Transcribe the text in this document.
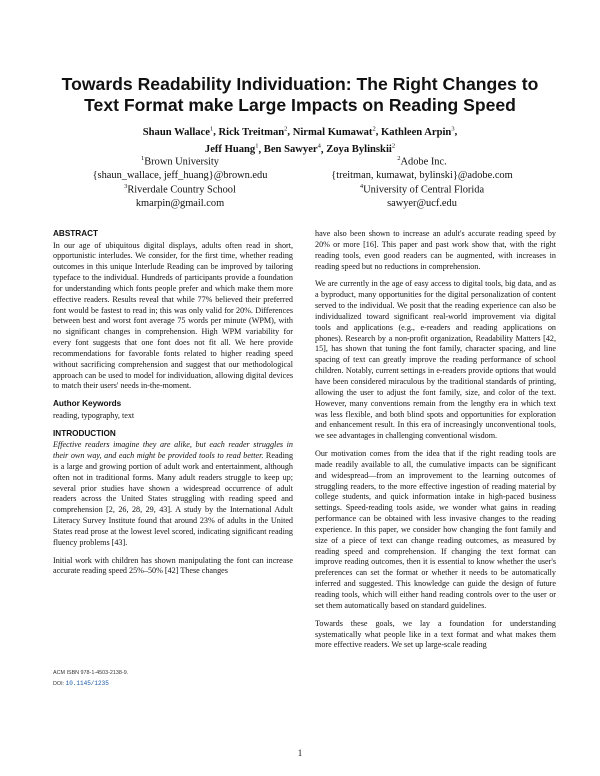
Towards Readability Individuation: The Right Changes to Text Format make Large Impacts on Reading Speed
Shaun Wallace$^1$, Rick Treitman$^2$, Nirmal Kumawat$^2$, Kathleen Arpin$^3$,
Jeff Huang$^1$, Ben Sawyer$^4$, Zoya Bylinskii$^2$
$^1$Brown University
{shaun_wallace, jeff_huang}@brown.edu
$^2$Adobe Inc.
{treitman, kumawat, bylinski}@adobe.com
$^3$Riverdale Country School
kmarpin@gmail.com
$^4$University of Central Florida
sawyer@ucf.edu
ABSTRACT

In our age of ubiquitous digital displays, adults often read in short, opportunistic interludes. We consider, for the first time, whether reading outcomes in this unique Interlude Reading can be improved by tailoring typeface to the individual. Hundreds of participants provide a foundation for understanding which fonts people prefer and which make them more effective readers. Results reveal that while 77% believed their preferred font would be fastest to read in; this was only valid for 20%. Differences between best and worst font average 75 words per minute (WPM), with no significant changes in comprehension. High WPM variability for every font suggests that one font does not fit all. We here provide recommendations for favorable fonts related to higher reading speed without sacrificing comprehension and suggest that our methodological approach can be used to model for individuation, allowing digital devices to match their users' needs in-the-moment.

Author Keywords

reading, typography, text

INTRODUCTION

Effective readers imagine they are alike, but each reader struggles in their own way, and each might be provided tools to read better. Reading is a large and growing portion of adult work and entertainment, although often not in traditional forms. Many adult readers struggle to keep up; several prior studies have shown a widespread occurrence of adult readers across the United States struggling with reading speed and comprehension [2, 26, 28, 29, 43]. A study by the International Adult Literacy Survey Institute found that around 23% of adults in the United States read prose at the lowest level scored, indicating significant reading fluency problems [43].

Initial work with children has shown manipulating the font can increase accurate reading speed 25%–50% [42] These changes

have also been shown to increase an adult's accurate reading speed by 20% or more [16]. This paper and past work show that, with the right reading tools, even good readers can be augmented, with increases in reading speed but no reductions in comprehension.

We are currently in the age of easy access to digital tools, big data, and as a byproduct, many opportunities for the digital personalization of content served to the individual. We posit that the reading experience can also be individualized toward significant real-world improvement via digital tools and applications (e.g., e-readers and reading applications on phones). Research by a non-profit organization, Readability Matters [42, 15], has shown that tuning the font family, character spacing, and line spacing of text can greatly improve the reading performance of school children. Notably, current settings in e-readers provide options that would have been considered miraculous by the traditional standards of printing, allowing the user to adjust the font family, size, and color of the text. However, many conventions remain from the lengthy era in which text was less flexible, and both blind spots and opportunities for exploration and enhancement result. In this era of increasingly unconventional tools, we see advantages in challenging conventional wisdom.

Our motivation comes from the idea that if the right reading tools are made readily available to all, the cumulative impacts can be significant and widespread—from an improvement to the learning outcomes of struggling readers, to the more effective ingestion of reading material by college students, and quick information intake in high-paced business settings. Speed-reading tools aside, we wonder what gains in reading performance can be obtained with less invasive changes to the reading experience. In this paper, we consider how changing the font family and size of a piece of text can change reading outcomes, as measured by reading speed and comprehension. If changing the text format can improve reading outcomes, then it is essential to know whether the user's preferences can set the format or whether it needs to be automatically inferred and suggested. This knowledge can guide the design of future reading tools, which will either hand reading controls over to the user or set them automatically based on standard guidelines.

Towards these goals, we lay a foundation for understanding systematically what people like in a text format and what makes them more effective readers. We set up large-scale reading

ACM ISBN 978-1-4503-2138-9.
DOI: 10.1145/1235
1
